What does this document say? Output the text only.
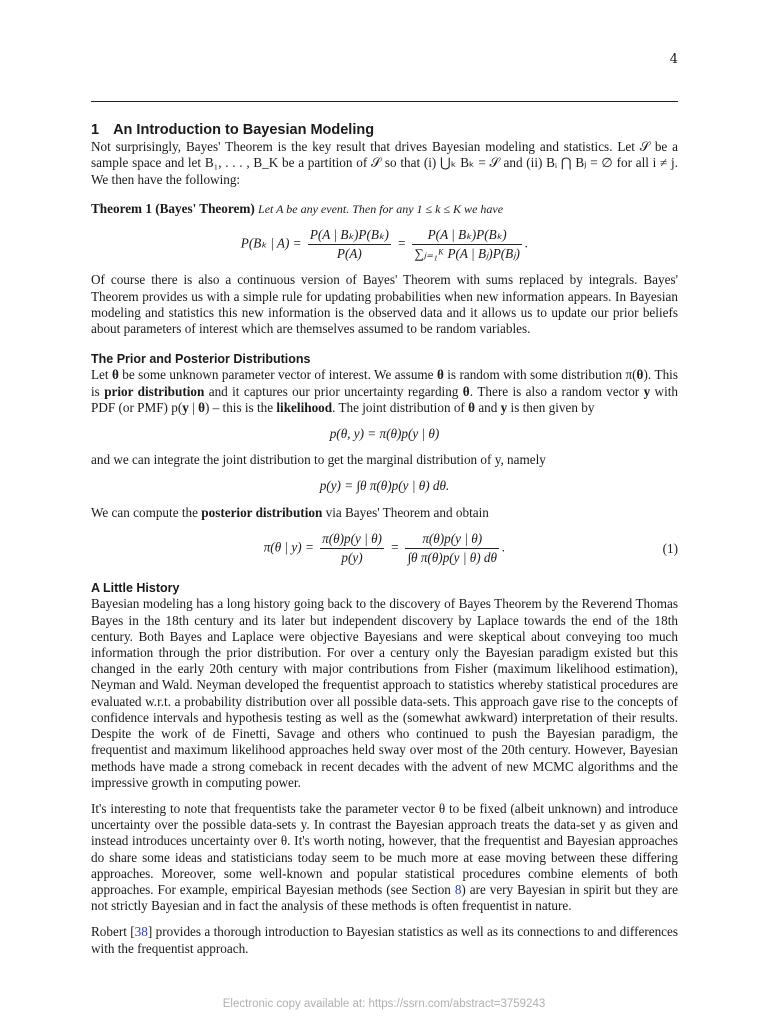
4
1 An Introduction to Bayesian Modeling

Not surprisingly, Bayes' Theorem is the key result that drives Bayesian modeling and statistics. Let 𝒮 be a sample space and let B₁, . . . , B_K be a partition of 𝒮 so that (i) ⋃ₖ Bₖ = 𝒮 and (ii) Bᵢ ⋂ Bⱼ = ∅ for all i ≠ j. We then have the following:

Theorem 1 (Bayes' Theorem) Let A be any event. Then for any 1 ≤ k ≤ K we have
P(Bₖ | $A) = \frac{\text{P(A | Bₖ)P(Bₖ)}}{P(A)} = \frac{\text{P(A | Bₖ)P(Bₖ)}}{\text{∑ⱼ₌₁ᴷ P(A | Bⱼ)P(Bⱼ)}}$ .

Of course there is also a continuous version of Bayes' Theorem with sums replaced by integrals. Bayes' Theorem provides us with a simple rule for updating probabilities when new information appears. In Bayesian modeling and statistics this new information is the observed data and it allows us to update our prior beliefs about parameters of interest which are themselves assumed to be random variables.

The Prior and Posterior Distributions

Let θ be some unknown parameter vector of interest. We assume θ is random with some distribution π(θ). This is prior distribution and it captures our prior uncertainty regarding θ. There is also a random vector y with PDF (or PMF) p(y | θ) – this is the likelihood. The joint distribution of θ and y is then given by

p(θ, y) = π(θ)p(y | θ)

and we can integrate the joint distribution to get the marginal distribution of y, namely

p(y) = ∫θ π(θ)p(y | θ) dθ.

We can compute the posterior distribution via Bayes' Theorem and obtain

π(θ | $y) = \frac{\pi(\theta)p(y | \theta)}{p(y)} = \frac{\pi(\theta)p(y | \theta)}{\text{∫θ π(θ)p(y | θ) dθ}}$ .	(1)
A Little History

Bayesian modeling has a long history going back to the discovery of Bayes Theorem by the Reverend Thomas Bayes in the 18th century and its later but independent discovery by Laplace towards the end of the 18th century. Both Bayes and Laplace were objective Bayesians and were skeptical about conveying too much information through the prior distribution. For over a century only the Bayesian paradigm existed but this changed in the early 20th century with major contributions from Fisher (maximum likelihood estimation), Neyman and Wald. Neyman developed the frequentist approach to statistics whereby statistical procedures are evaluated w.r.t. a probability distribution over all possible data-sets. This approach gave rise to the concepts of confidence intervals and hypothesis testing as well as the (somewhat awkward) interpretation of their results. Despite the work of de Finetti, Savage and others who continued to push the Bayesian paradigm, the frequentist and maximum likelihood approaches held sway over most of the 20th century. However, Bayesian methods have made a strong comeback in recent decades with the advent of new MCMC algorithms and the impressive growth in computing power.

It's interesting to note that frequentists take the parameter vector θ to be fixed (albeit unknown) and introduce uncertainty over the possible data-sets y. In contrast the Bayesian approach treats the data-set y as given and instead introduces uncertainty over θ. It's worth noting, however, that the frequentist and Bayesian approaches do share some ideas and statisticians today seem to be much more at ease moving between these differing approaches. Moreover, some well-known and popular statistical procedures combine elements of both approaches. For example, empirical Bayesian methods (see Section 8) are very Bayesian in spirit but they are not strictly Bayesian and in fact the analysis of these methods is often frequentist in nature.

Robert [38] provides a thorough introduction to Bayesian statistics as well as its connections to and differences with the frequentist approach.

Electronic copy available at: https://ssrn.com/abstract=3759243
